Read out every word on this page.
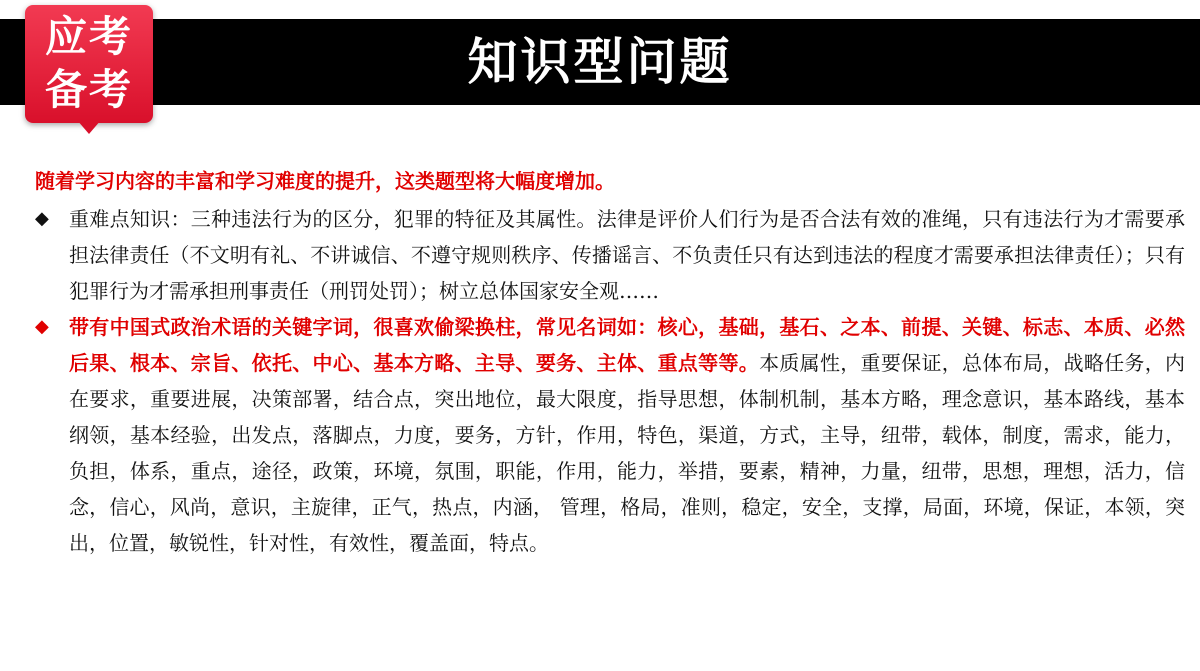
知识型问题
应考
备考

随着学习内容的丰富和学习难度的提升，这类题型将大幅度增加。

◆	重难点知识：三种违法行为的区分，犯罪的特征及其属性。法律是评价人们行为是否合法有效的准绳，只有违法行为才需要承担法律责任（不文明有礼、不讲诚信、不遵守规则秩序、传播谣言、不负责任只有达到违法的程度才需要承担法律责任）；只有犯罪行为才需承担刑事责任（刑罚处罚）；树立总体国家安全观……

◆	带有中国式政治术语的关键字词，很喜欢偷梁换柱，常见名词如：核心，基础，基石、之本、前提、关键、标志、本质、必然后果、根本、宗旨、依托、中心、基本方略、主导、要务、主体、重点等等。本质属性，重要保证，总体布局，战略任务，内在要求，重要进展，决策部署，结合点，突出地位，最大限度，指导思想，体制机制，基本方略，理念意识，基本路线，基本纲领，基本经验，出发点，落脚点，力度，要务，方针，作用，特色，渠道，方式，主导，纽带，载体，制度，需求，能力，负担，体系，重点，途径，政策，环境，氛围，职能，作用，能力，举措，要素，精神，力量，纽带，思想，理想，活力，信念，信心，风尚，意识，主旋律，正气，热点，内涵， 管理，格局，准则，稳定，安全，支撑，局面，环境，保证，本领，突出，位置，敏锐性，针对性，有效性，覆盖面，特点。
